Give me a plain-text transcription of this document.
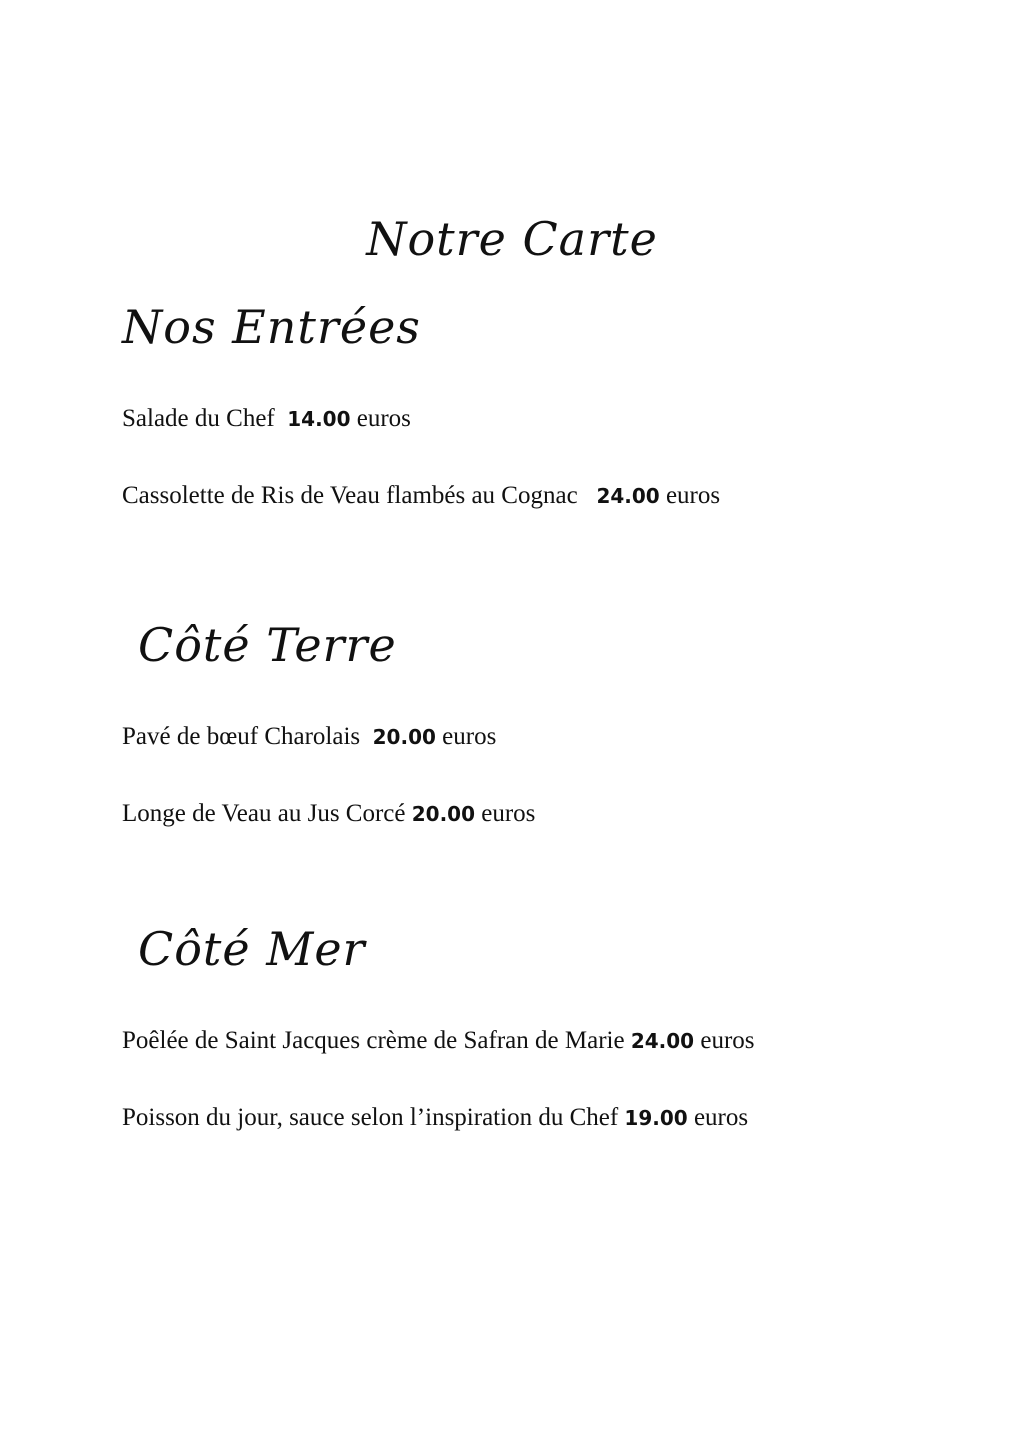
Notre Carte
Nos Entrées
Salade du Chef 14.00 euros
Cassolette de Ris de Veau flambés au Cognac 24.00 euros
Côté Terre
Pavé de bœuf Charolais 20.00 euros
Longe de Veau au Jus Corcé 20.00 euros
Côté Mer
Poêlée de Saint Jacques crème de Safran de Marie 24.00 euros
Poisson du jour, sauce selon l’inspiration du Chef 19.00 euros
